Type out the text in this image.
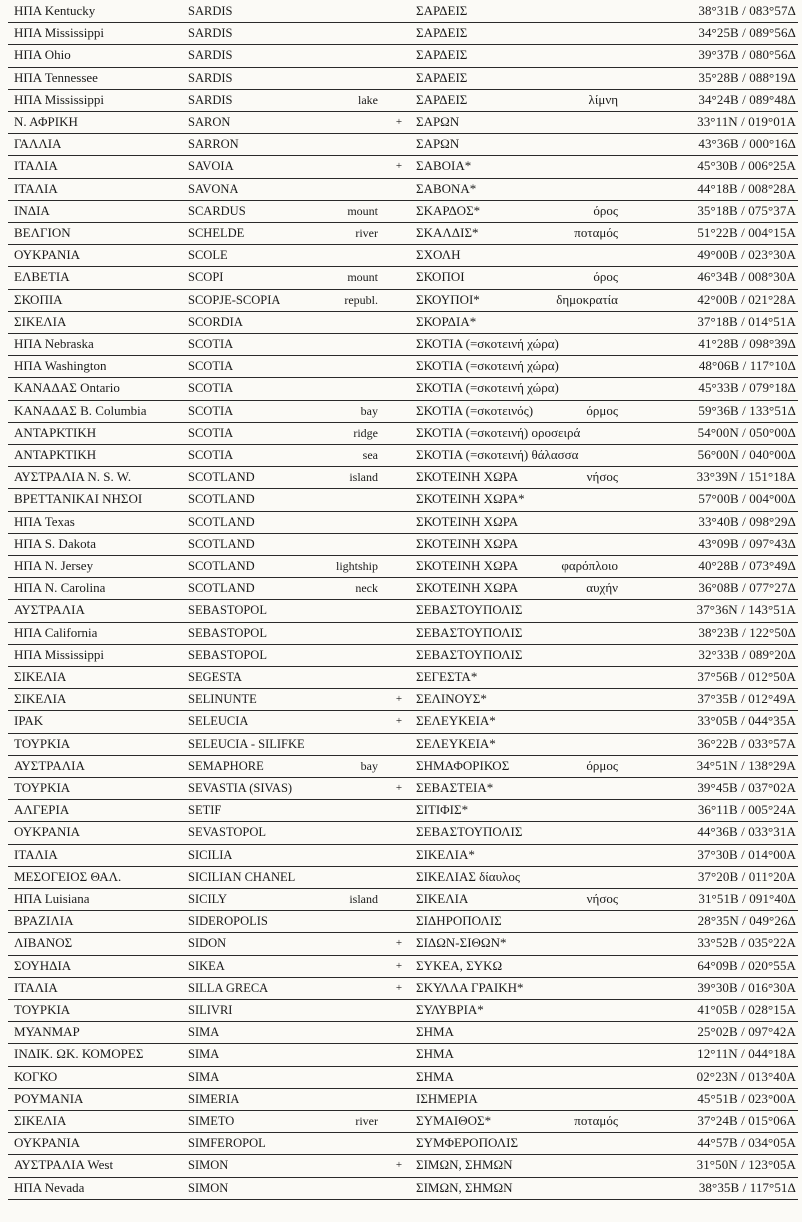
ΗΠΑ Kentucky	SARDIS	ΣΑΡΔΕΙΣ	38°31Β / 083°57Δ
ΗΠΑ Mississippi	SARDIS	ΣΑΡΔΕΙΣ	34°25Β / 089°56Δ
ΗΠΑ Ohio	SARDIS	ΣΑΡΔΕΙΣ	39°37Β / 080°56Δ
ΗΠΑ Tennessee	SARDIS	ΣΑΡΔΕΙΣ	35°28Β / 088°19Δ
ΗΠΑ Mississippi	SARDIS	lake	ΣΑΡΔΕΙΣ	λίμνη	34°24Β / 089°48Δ
Ν. ΑΦΡΙΚΗ	SARON	+ ΣΑΡΩΝ	33°11Ν / 019°01Α
ΓΑΛΛΙΑ	SARRON	ΣΑΡΩΝ	43°36Β / 000°16Δ
ΙΤΑΛΙΑ	SAVOIA	+ ΣΑΒΟΙΑ*	45°30Β / 006°25Α
ΙΤΑΛΙΑ	SAVONA	ΣΑΒΟΝΑ*	44°18Β / 008°28Α
ΙΝΔΙΑ	SCARDUS	mount	ΣΚΑΡΔΟΣ*	όρος	35°18Β / 075°37Α
ΒΕΛΓΙΟΝ	SCHELDE	river	ΣΚΑΛΔΙΣ*	ποταμός	51°22Β / 004°15Α
ΟΥΚΡΑΝΙΑ	SCOLE	ΣΧΟΛΗ	49°00Β / 023°30Α
ΕΛΒΕΤΙΑ	SCOPI	mount	ΣΚΟΠΟΙ	όρος	46°34Β / 008°30Α
ΣΚΟΠΙΑ	SCOPJE-SCOPIA	republ.	ΣΚΟΥΠΟΙ*	δημοκρατία	42°00Β / 021°28Α
ΣΙΚΕΛΙΑ	SCORDIA	ΣΚΟΡΔΙΑ*	37°18Β / 014°51Α
ΗΠΑ Nebraska	SCOTIA	ΣΚΟΤΙΑ (=σκοτεινή χώρα)	41°28Β / 098°39Δ
ΗΠΑ Washington	SCOTIA	ΣΚΟΤΙΑ (=σκοτεινή χώρα)	48°06Β / 117°10Δ
ΚΑΝΑΔΑΣ Ontario	SCOTIA	ΣΚΟΤΙΑ (=σκοτεινή χώρα)	45°33Β / 079°18Δ
ΚΑΝΑΔΑΣ B. Columbia	SCOTIA	bay	ΣΚΟΤΙΑ (=σκοτεινός)	όρμος	59°36Β / 133°51Δ
ΑΝΤΑΡΚΤΙΚΗ	SCOTIA	ridge	ΣΚΟΤΙΑ (=σκοτεινή) οροσειρά	54°00Ν / 050°00Δ
ΑΝΤΑΡΚΤΙΚΗ	SCOTIA	sea	ΣΚΟΤΙΑ (=σκοτεινή) θάλασσα	56°00Ν / 040°00Δ
ΑΥΣΤΡΑΛΙΑ N. S. W.	SCOTLAND	island	ΣΚΟΤΕΙΝΗ ΧΩΡΑ	νήσος	33°39Ν / 151°18Α
ΒΡΕΤΤΑΝΙΚΑΙ ΝΗΣΟΙ	SCOTLAND	ΣΚΟΤΕΙΝΗ ΧΩΡΑ*	57°00Β / 004°00Δ
ΗΠΑ Texas	SCOTLAND	ΣΚΟΤΕΙΝΗ ΧΩΡΑ	33°40Β / 098°29Δ
ΗΠΑ S. Dakota	SCOTLAND	ΣΚΟΤΕΙΝΗ ΧΩΡΑ	43°09Β / 097°43Δ
ΗΠΑ N. Jersey	SCOTLAND	lightship	ΣΚΟΤΕΙΝΗ ΧΩΡΑ	φαρόπλοιο	40°28Β / 073°49Δ
ΗΠΑ N. Carolina	SCOTLAND	neck	ΣΚΟΤΕΙΝΗ ΧΩΡΑ	αυχήν	36°08Β / 077°27Δ
ΑΥΣΤΡΑΛΙΑ	SEBASTOPOL	ΣΕΒΑΣΤΟΥΠΟΛΙΣ	37°36Ν / 143°51Α
ΗΠΑ California	SEBASTOPOL	ΣΕΒΑΣΤΟΥΠΟΛΙΣ	38°23Β / 122°50Δ
ΗΠΑ Mississippi	SEBASTOPOL	ΣΕΒΑΣΤΟΥΠΟΛΙΣ	32°33Β / 089°20Δ
ΣΙΚΕΛΙΑ	SEGESTA	ΣΕΓΕΣΤΑ*	37°56Β / 012°50Α
ΣΙΚΕΛΙΑ	SELINUNTE	+ ΣΕΛΙΝΟΥΣ*	37°35Β / 012°49Α
ΙΡΑΚ	SELEUCIA	+ ΣΕΛΕΥΚΕΙΑ*	33°05Β / 044°35Α
ΤΟΥΡΚΙΑ	SELEUCIA - SILIFKE	ΣΕΛΕΥΚΕΙΑ*	36°22Β / 033°57Α
ΑΥΣΤΡΑΛΙΑ	SEMAPHORE	bay	ΣΗΜΑΦΟΡΙΚΟΣ	όρμος	34°51Ν / 138°29Α
ΤΟΥΡΚΙΑ	SEVASTIA (SIVAS)	+ ΣΕΒΑΣΤΕΙΑ*	39°45Β / 037°02Α
ΑΛΓΕΡΙΑ	SETIF	ΣΙΤΙΦΙΣ*	36°11Β / 005°24Α
ΟΥΚΡΑΝΙΑ	SEVASTOPOL	ΣΕΒΑΣΤΟΥΠΟΛΙΣ	44°36Β / 033°31Α
ΙΤΑΛΙΑ	SICILIA	ΣΙΚΕΛΙΑ*	37°30Β / 014°00Α
ΜΕΣΟΓΕΙΟΣ ΘΑΛ.	SICILIAN CHANEL	ΣΙΚΕΛΙΑΣ δίαυλος	37°20Β / 011°20Α
ΗΠΑ Luisiana	SICILY	island	ΣΙΚΕΛΙΑ	νήσος	31°51Β / 091°40Δ
ΒΡΑΖΙΛΙΑ	SIDEROPOLIS	ΣΙΔΗΡΟΠΟΛΙΣ	28°35Ν / 049°26Δ
ΛΙΒΑΝΟΣ	SIDON	+ ΣΙΔΩΝ-ΣΙΘΩΝ*	33°52Β / 035°22Α
ΣΟΥΗΔΙΑ	SIKEA	+ ΣΥΚΕΑ, ΣΥΚΩ	64°09Β / 020°55Α
ΙΤΑΛΙΑ	SILLA GRECA	+ ΣΚΥΛΛΑ ΓΡΑΙΚΗ*	39°30Β / 016°30Α
ΤΟΥΡΚΙΑ	SILIVRI	ΣΥΛΥΒΡΙΑ*	41°05Β / 028°15Α
ΜΥΑΝΜΑΡ	SIMA	ΣΗΜΑ	25°02Β / 097°42Α
ΙΝΔΙΚ. ΩΚ. ΚΟΜΟΡΕΣ	SIMA	ΣΗΜΑ	12°11Ν / 044°18Α
ΚΟΓΚΟ	SIMA	ΣΗΜΑ	02°23Ν / 013°40Α
ΡΟΥΜΑΝΙΑ	SIMERIA	ΙΣΗΜΕΡΙΑ	45°51Β / 023°00Α
ΣΙΚΕΛΙΑ	SIMETO	river	ΣΥΜΑΙΘΟΣ*	ποταμός	37°24Β / 015°06Α
ΟΥΚΡΑΝΙΑ	SIMFEROPOL	ΣΥΜΦΕΡΟΠΟΛΙΣ	44°57Β / 034°05Α
ΑΥΣΤΡΑΛΙΑ West	SIMON	+ ΣΙΜΩΝ, ΣΗΜΩΝ	31°50Ν / 123°05Α
ΗΠΑ Nevada	SIMON	ΣΙΜΩΝ, ΣΗΜΩΝ	38°35Β / 117°51Δ
